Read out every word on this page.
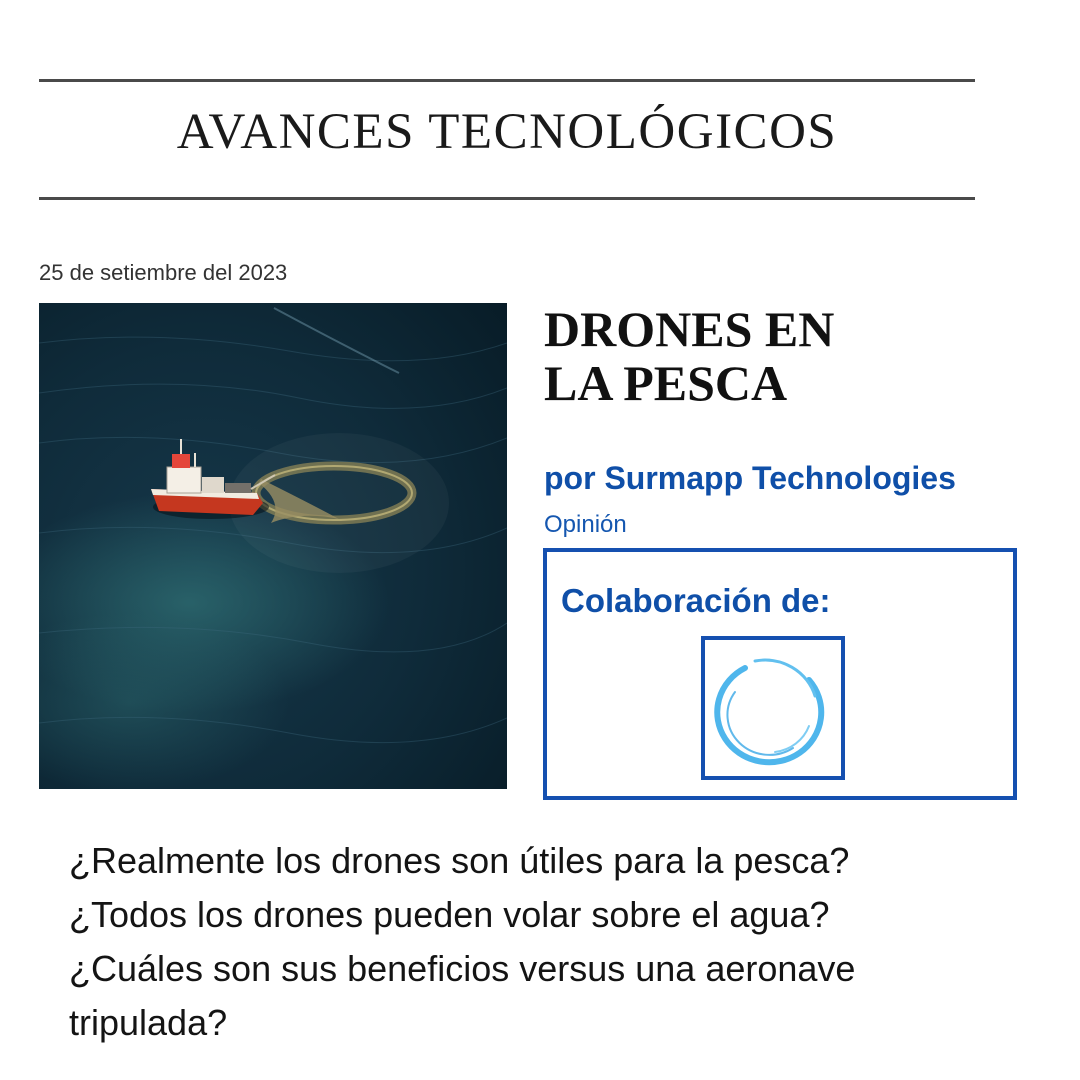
AVANCES TECNOLÓGICOS
25 de setiembre del 2023
DRONES EN
LA PESCA
por Surmapp Technologies
Opinión
Colaboración de:
¿Realmente los drones son útiles para la pesca?
¿Todos los drones pueden volar sobre el agua?
¿Cuáles son sus beneficios versus una aeronave
tripulada?
